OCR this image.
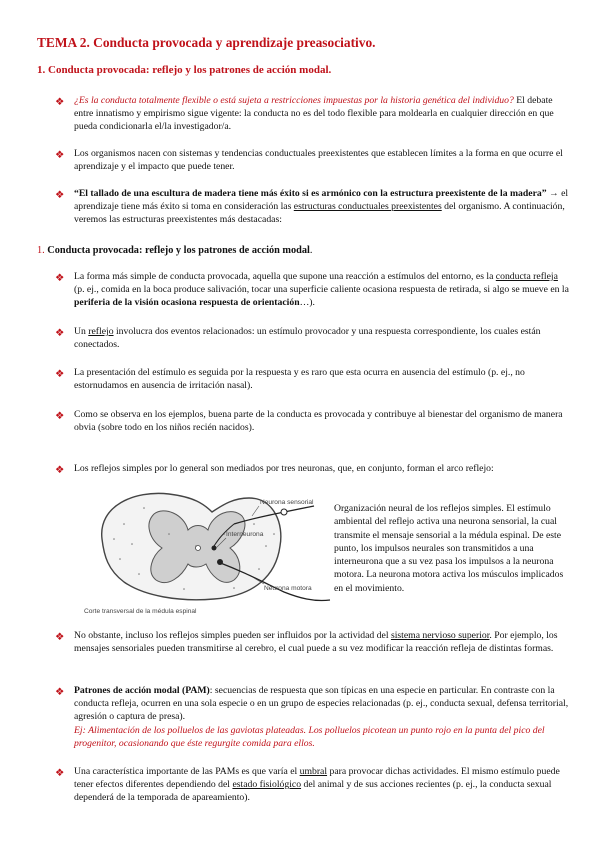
TEMA 2. Conducta provocada y aprendizaje preasociativo.
1. Conducta provocada: reflejo y los patrones de acción modal.
❖ ¿Es la conducta totalmente flexible o está sujeta a restricciones impuestas por la historia genética del individuo? El debate entre innatismo y empirismo sigue vigente: la conducta no es del todo flexible para moldearla en cualquier dirección en que pueda condicionarla el/la investigador/a.
❖ Los organismos nacen con sistemas y tendencias conductuales preexistentes que establecen límites a la forma en que ocurre el aprendizaje y el impacto que puede tener.
❖ “El tallado de una escultura de madera tiene más éxito si es armónico con la estructura preexistente de la madera” → el aprendizaje tiene más éxito si toma en consideración las estructuras conductuales preexistentes del organismo. A continuación, veremos las estructuras preexistentes más destacadas:
1. Conducta provocada: reflejo y los patrones de acción modal.
❖ La forma más simple de conducta provocada, aquella que supone una reacción a estímulos del entorno, es la conducta refleja (p. ej., comida en la boca produce salivación, tocar una superficie caliente ocasiona respuesta de retirada, si algo se mueve en la periferia de la visión ocasiona respuesta de orientación…).
❖ Un reflejo involucra dos eventos relacionados: un estímulo provocador y una respuesta correspondiente, los cuales están conectados.
❖ La presentación del estímulo es seguida por la respuesta y es raro que esta ocurra en ausencia del estímulo (p. ej., no estornudamos en ausencia de irritación nasal).
❖ Como se observa en los ejemplos, buena parte de la conducta es provocada y contribuye al bienestar del organismo de manera obvia (sobre todo en los niños recién nacidos).
❖ Los reflejos simples por lo general son mediados por tres neuronas, que, en conjunto, forman el arco reflejo:
Neurona sensorial
Interneurona
Neurona motora
Corte transversal de la médula espinal
Organización neural de los reflejos simples. El estímulo ambiental del reflejo activa una neurona sensorial, la cual transmite el mensaje sensorial a la médula espinal. De este punto, los impulsos neurales son transmitidos a una interneurona que a su vez pasa los impulsos a la neurona motora. La neurona motora activa los músculos implicados en el movimiento.
❖ No obstante, incluso los reflejos simples pueden ser influidos por la actividad del sistema nervioso superior. Por ejemplo, los mensajes sensoriales pueden transmitirse al cerebro, el cual puede a su vez modificar la reacción refleja de distintas formas.
❖ Patrones de acción modal (PAM): secuencias de respuesta que son típicas en una especie en particular. En contraste con la conducta refleja, ocurren en una sola especie o en un grupo de especies relacionadas (p. ej., conducta sexual, defensa territorial, agresión o captura de presa).
Ej: Alimentación de los polluelos de las gaviotas plateadas. Los polluelos picotean un punto rojo en la punta del pico del progenitor, ocasionando que éste regurgite comida para ellos.
❖ Una característica importante de las PAMs es que varía el umbral para provocar dichas actividades. El mismo estímulo puede tener efectos diferentes dependiendo del estado fisiológico del animal y de sus acciones recientes (p. ej., la conducta sexual dependerá de la temporada de apareamiento).
